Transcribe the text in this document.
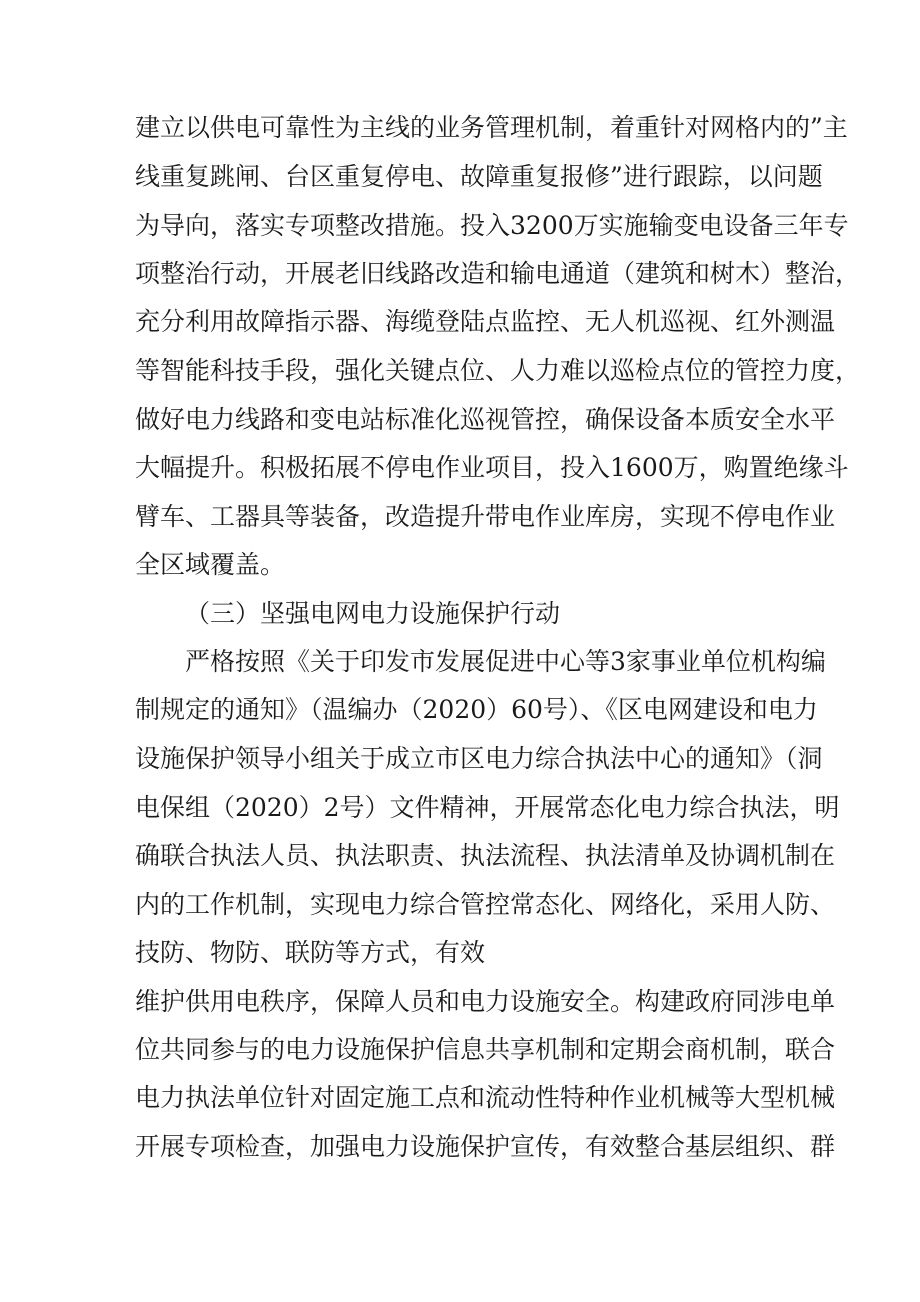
建立以供电可靠性为主线的业务管理机制，着重针对网格内的”主
线重复跳闸、台区重复停电、故障重复报修”进行跟踪，以问题
为导向，落实专项整改措施。投入3200万实施输变电设备三年专
项整治行动，开展老旧线路改造和输电通道（建筑和树木）整治，
充分利用故障指示器、海缆登陆点监控、无人机巡视、红外测温
等智能科技手段，强化关键点位、人力难以巡检点位的管控力度，
做好电力线路和变电站标准化巡视管控，确保设备本质安全水平
大幅提升。积极拓展不停电作业项目，投入1600万，购置绝缘斗
臂车、工器具等装备，改造提升带电作业库房，实现不停电作业
全区域覆盖。
（三）坚强电网电力设施保护行动
严格按照《关于印发市发展促进中心等3家事业单位机构编
制规定的通知》（温编办（2020）60号）、《区电网建设和电力
设施保护领导小组关于成立市区电力综合执法中心的通知》（洞
电保组（2020）2号）文件精神，开展常态化电力综合执法，明
确联合执法人员、执法职责、执法流程、执法清单及协调机制在
内的工作机制，实现电力综合管控常态化、网络化，采用人防、
技防、物防、联防等方式，有效
维护供用电秩序，保障人员和电力设施安全。构建政府同涉电单
位共同参与的电力设施保护信息共享机制和定期会商机制，联合
电力执法单位针对固定施工点和流动性特种作业机械等大型机械
开展专项检查，加强电力设施保护宣传，有效整合基层组织、群
